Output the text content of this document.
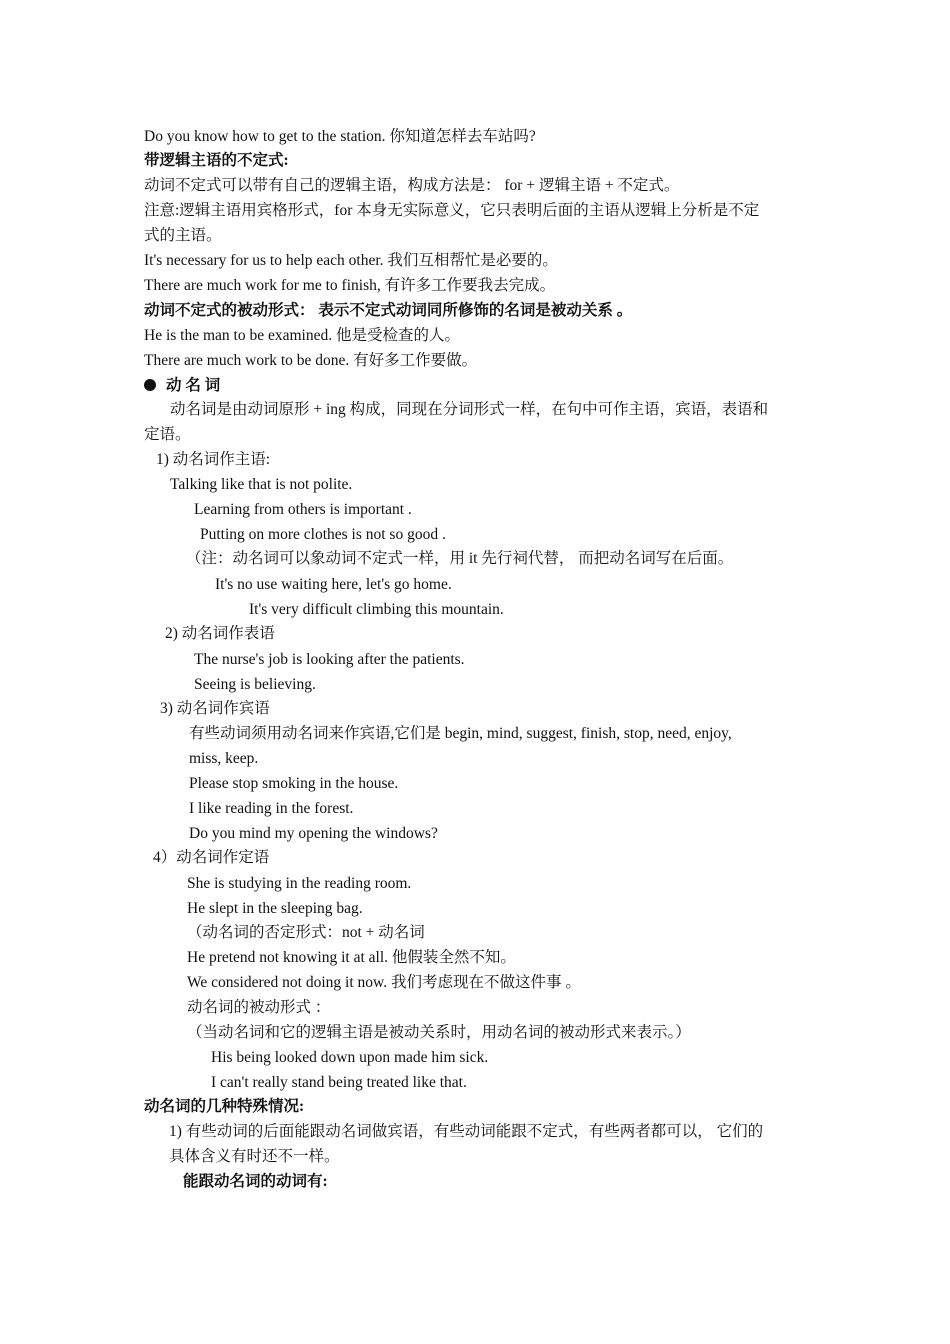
Do you know how to get to the station. 你知道怎样去车站吗?
带逻辑主语的不定式:
动词不定式可以带有自己的逻辑主语，构成方法是： for + 逻辑主语 + 不定式。
注意:逻辑主语用宾格形式，for 本身无实际意义，它只表明后面的主语从逻辑上分析是不定
式的主语。
It's necessary for us to help each other. 我们互相帮忙是必要的。
There are much work for me to finish, 有许多工作要我去完成。
动词不定式的被动形式： 表示不定式动词同所修饰的名词是被动关系 。
He is the man to be examined. 他是受检查的人。
There are much work to be done. 有好多工作要做。
动 名 词
动名词是由动词原形 + ing 构成，同现在分词形式一样，在句中可作主语，宾语，表语和
定语。
1) 动名词作主语:
Talking like that is not polite.
Learning from others is important .
Putting on more clothes is not so good .
（注：动名词可以象动词不定式一样，用 it 先行祠代替， 而把动名词写在后面。
It's no use waiting here, let's go home.
It's very difficult climbing this mountain.
2) 动名词作表语
The nurse's job is looking after the patients.
Seeing is believing.
3) 动名词作宾语
有些动词须用动名词来作宾语,它们是 begin, mind, suggest, finish, stop, need, enjoy,
miss, keep.
Please stop smoking in the house.
I like reading in the forest.
Do you mind my opening the windows?
4）动名词作定语
She is studying in the reading room.
He slept in the sleeping bag.
（动名词的否定形式：not + 动名词
He pretend not knowing it at all. 他假装全然不知。
We considered not doing it now. 我们考虑现在不做这件事 。
动名词的被动形式 ：
（当动名词和它的逻辑主语是被动关系时，用动名词的被动形式来表示。）
His being looked down upon made him sick.
I can't really stand being treated like that.
动名词的几种特殊情况:
1) 有些动词的后面能跟动名词做宾语，有些动词能跟不定式，有些两者都可以， 它们的
具体含义有时还不一样。
能跟动名词的动词有:
